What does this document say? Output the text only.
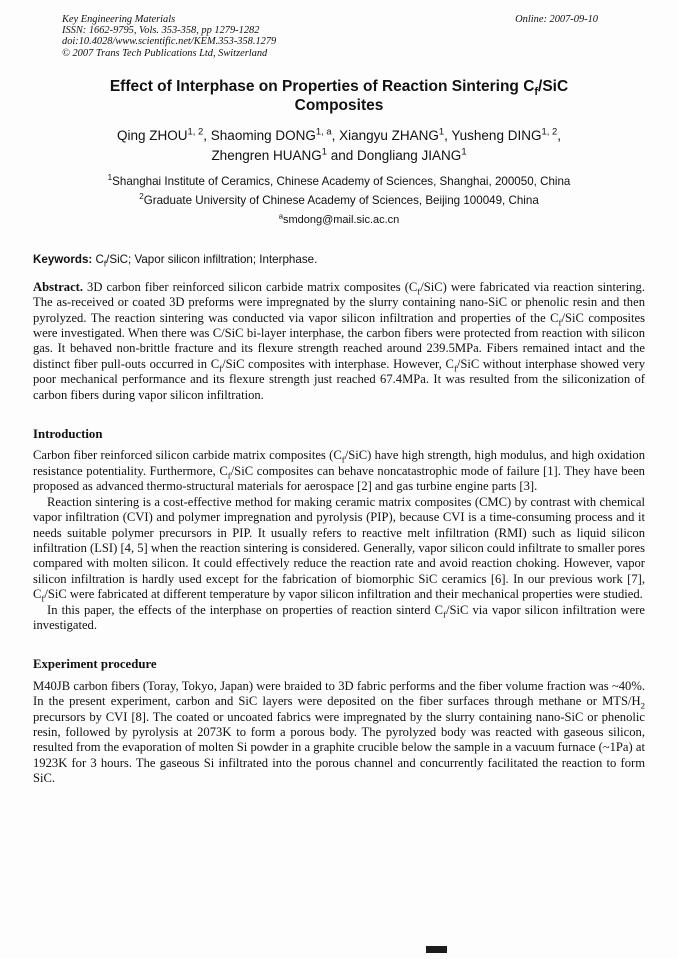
Key Engineering Materials
ISSN: 1662-9795, Vols. 353-358, pp 1279-1282
doi:10.4028/www.scientific.net/KEM.353-358.1279
© 2007 Trans Tech Publications Ltd, Switzerland
Online: 2007-09-10
Effect of Interphase on Properties of Reaction Sintering $C_f$/SiC
Composites
Qing ZHOU$^{1, 2}$, Shaoming DONG$^{1, a}$, Xiangyu ZHANG$^1$, Yusheng DING$^{1, 2}$,
Zhengren HUANG$^1$ and Dongliang JIANG$^1$
$^1$Shanghai Institute of Ceramics, Chinese Academy of Sciences, Shanghai, 200050, China
$^2$Graduate University of Chinese Academy of Sciences, Beijing 100049, China
$^a$smdong@mail.sic.ac.cn
Keywords: $C_f$/SiC; Vapor silicon infiltration; Interphase.

Abstract. 3D carbon fiber reinforced silicon carbide matrix composites $(C_f/SiC)$ were fabricated via reaction sintering. The as-received or coated 3D preforms were impregnated by the slurry containing nano-SiC or phenolic resin and then pyrolyzed. The reaction sintering was conducted via vapor silicon infiltration and properties of the $C_f$/SiC composites were investigated. When there was C/SiC bi-layer interphase, the carbon fibers were protected from reaction with silicon gas. It behaved non-brittle fracture and its flexure strength reached around 239.5MPa. Fibers remained intact and the distinct fiber pull-outs occurred in $C_f$/SiC composites with interphase. However, $C_f$/SiC without interphase showed very poor mechanical performance and its flexure strength just reached 67.4MPa. It was resulted from the siliconization of carbon fibers during vapor silicon infiltration.

Introduction

Carbon fiber reinforced silicon carbide matrix composites $(C_f/SiC)$ have high strength, high modulus, and high oxidation resistance potentiality. Furthermore, $C_f$/SiC composites can behave noncatastrophic mode of failure [1]. They have been proposed as advanced thermo-structural materials for aerospace [2] and gas turbine engine parts [3].

Reaction sintering is a cost-effective method for making ceramic matrix composites (CMC) by contrast with chemical vapor infiltration (CVI) and polymer impregnation and pyrolysis (PIP), because CVI is a time-consuming process and it needs suitable polymer precursors in PIP. It usually refers to reactive melt infiltration (RMI) such as liquid silicon infiltration (LSI) [4, 5] when the reaction sintering is considered. Generally, vapor silicon could infiltrate to smaller pores compared with molten silicon. It could effectively reduce the reaction rate and avoid reaction choking. However, vapor silicon infiltration is hardly used except for the fabrication of biomorphic SiC ceramics [6]. In our previous work [7], $C_f$/SiC were fabricated at different temperature by vapor silicon infiltration and their mechanical properties were studied.

In this paper, the effects of the interphase on properties of reaction sinterd $C_f$/SiC via vapor silicon infiltration were investigated.

Experiment procedure

M40JB carbon fibers (Toray, Tokyo, Japan) were braided to 3D fabric performs and the fiber volume fraction was ~40%. In the present experiment, carbon and SiC layers were deposited on the fiber surfaces through methane or MTS/$H_2$ precursors by CVI [8]. The coated or uncoated fabrics were impregnated by the slurry containing nano-SiC or phenolic resin, followed by pyrolysis at 2073K to form a porous body. The pyrolyzed body was reacted with gaseous silicon, resulted from the evaporation of molten Si powder in a graphite crucible below the sample in a vacuum furnace (~1Pa) at 1923K for 3 hours. The gaseous Si infiltrated into the porous channel and concurrently facilitated the reaction to form SiC.
